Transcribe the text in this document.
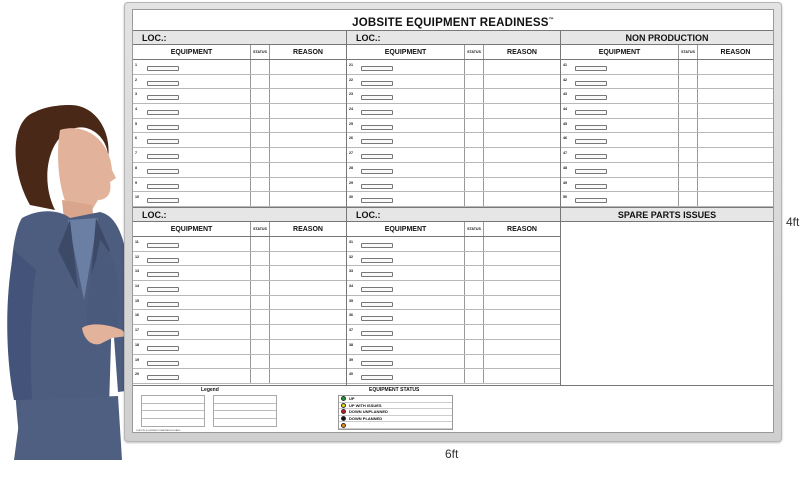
JOBSITE EQUIPMENT READINESS™
LOC.:
EQUIPMENT	STATUS	REASON
1
2
3
4
5
6
7
8
9
10
LOC.:
EQUIPMENT	STATUS	REASON
21
22
23
24
25
26
27
28
29
30
NON PRODUCTION
EQUIPMENT	STATUS	REASON
41
42
43
44
45
46
47
48
49
50
LOC.:
EQUIPMENT	STATUS	REASON
11
12
13
14
15
16
17
18
19
20
LOC.:
EQUIPMENT	STATUS	REASON
31
32
33
34
35
36
37
38
39
40
SPARE PARTS ISSUES
Legend	EQUIPMENT STATUS
UP
UP WITH ISSUES
DOWN UNPLANNED
DOWN PLANNED
JOBSITE EQUIPMENT READINESS BOARD
6ft
4ft
